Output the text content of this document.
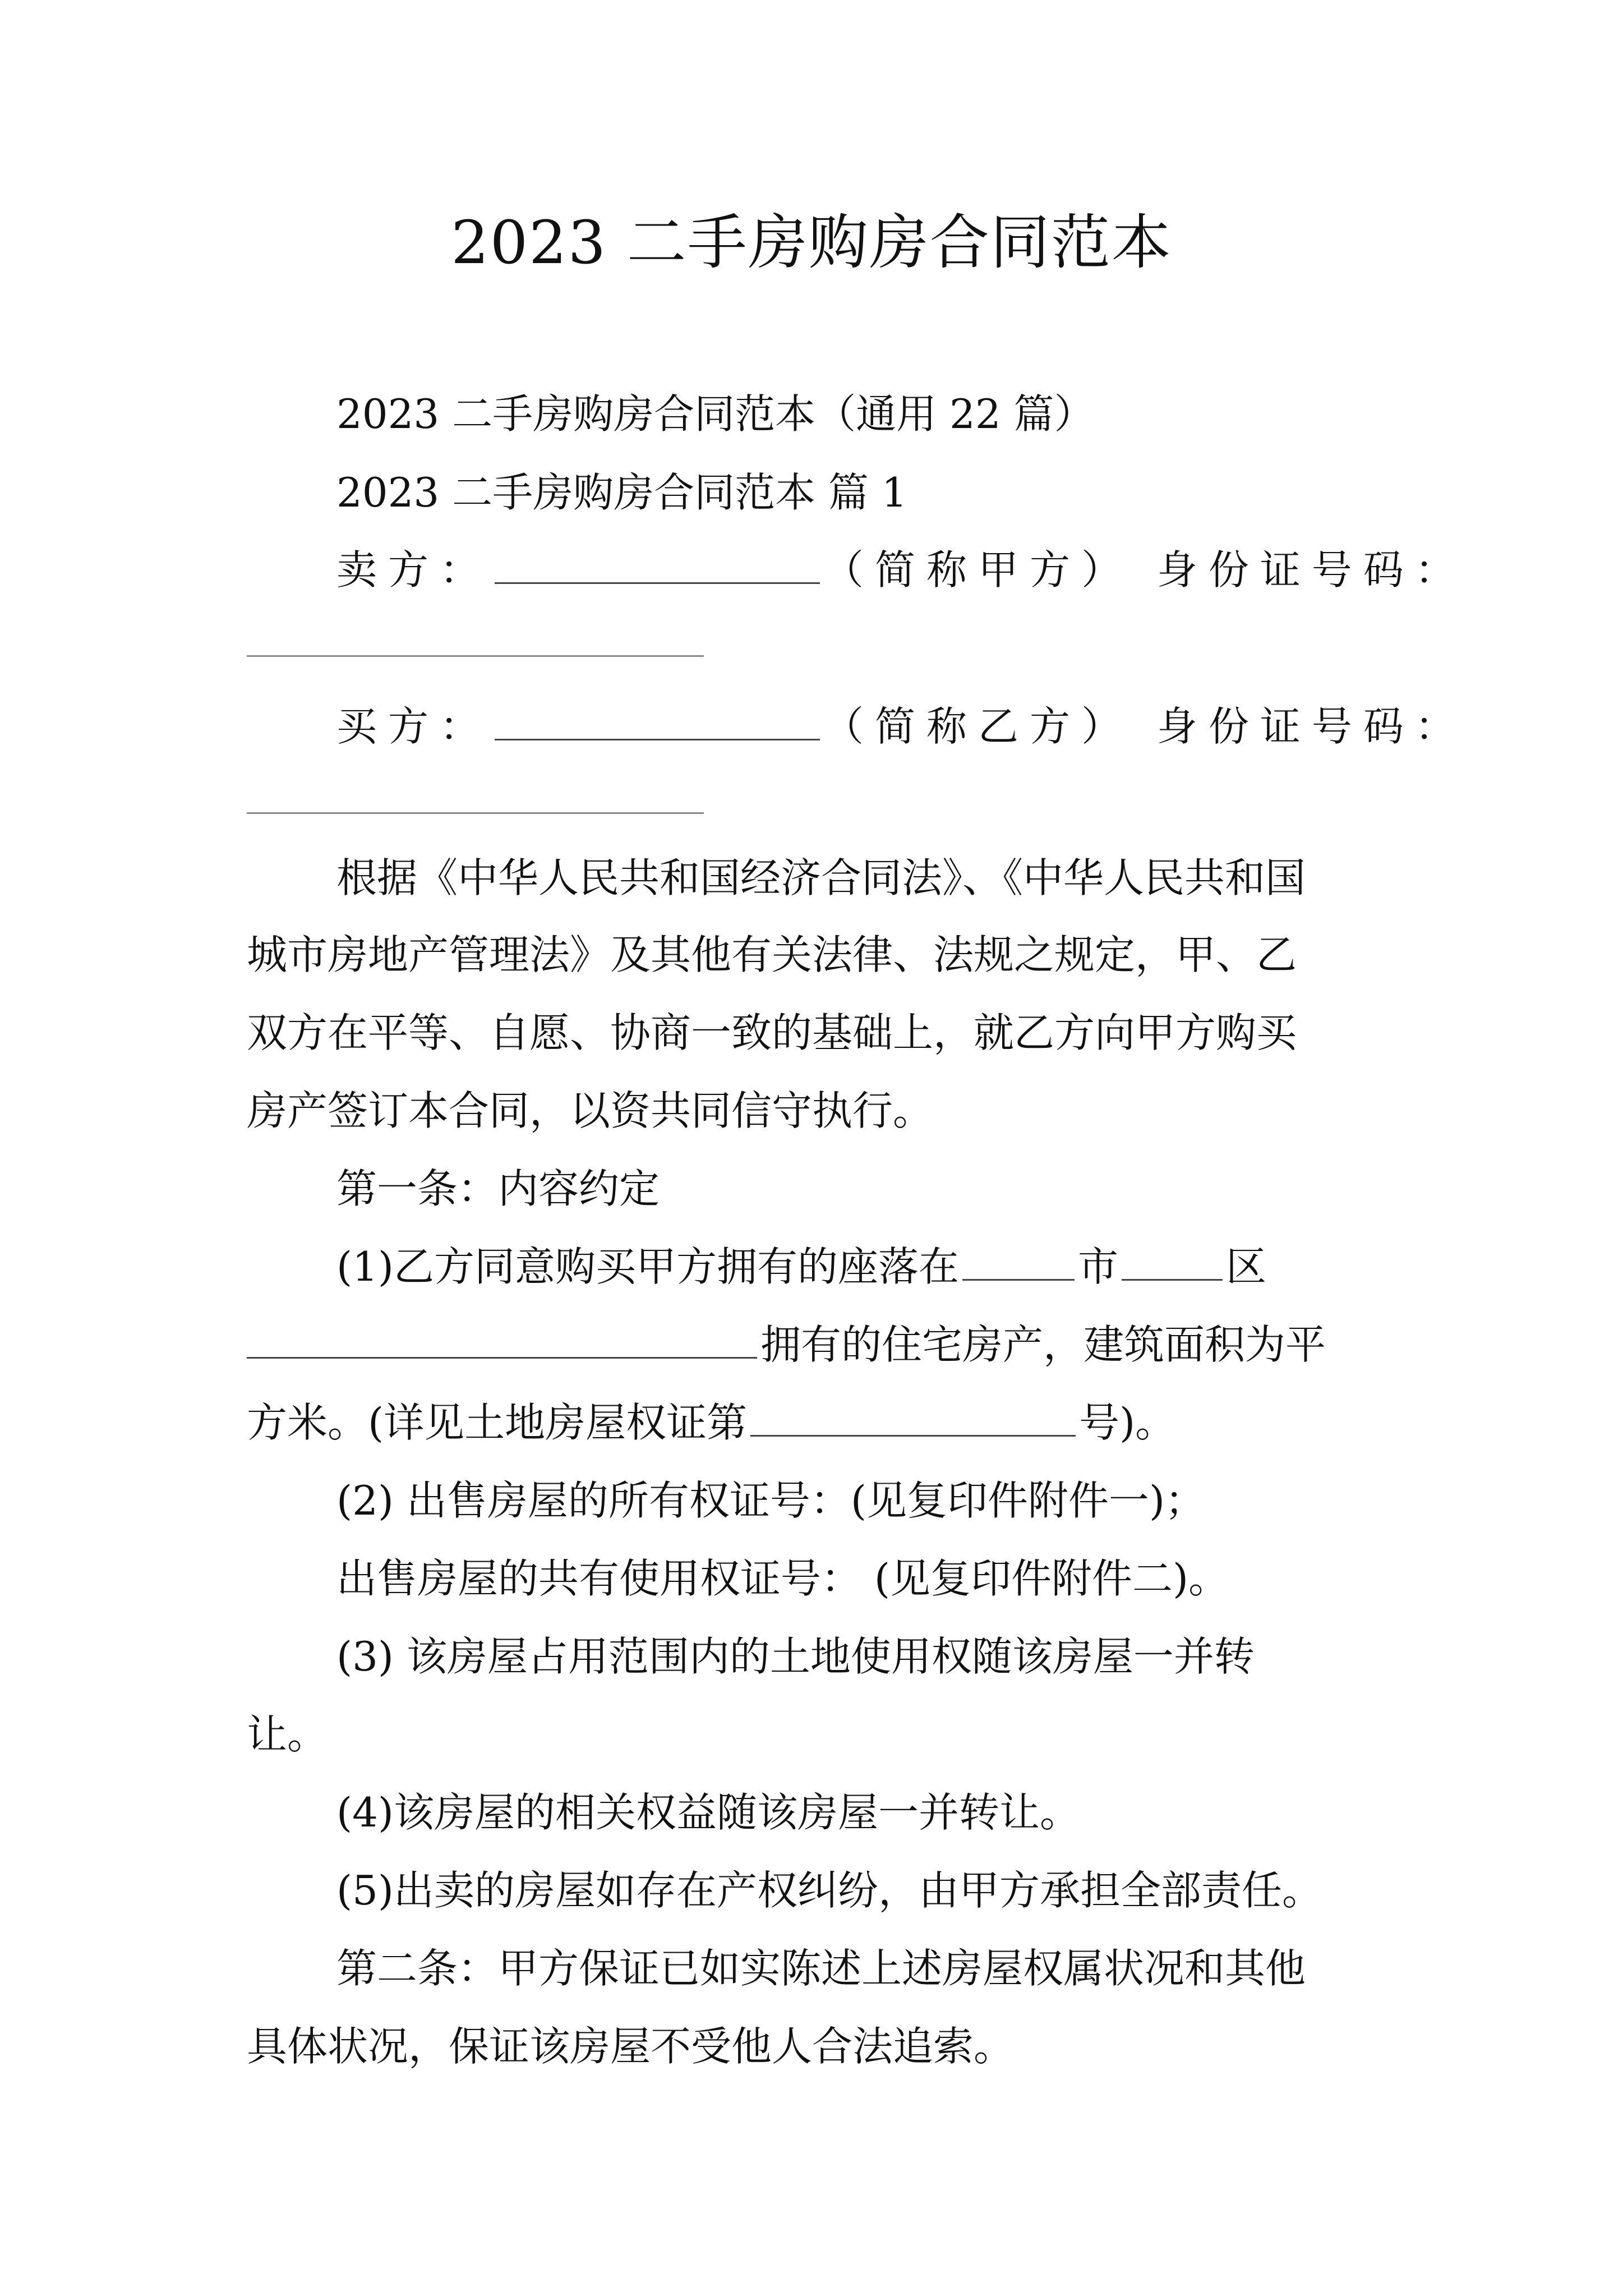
2023 二手房购房合同范本
2023 二手房购房合同范本（通用 22 篇）
2023 二手房购房合同范本 篇 1
卖方：	（简称甲方） 身份证号码：
买方：	（简称乙方） 身份证号码：
根据《中华人民共和国经济合同法》、《中华人民共和国
城市房地产管理法》及其他有关法律、法规之规定，甲、乙
双方在平等、自愿、协商一致的基础上，就乙方向甲方购买
房产签订本合同，以资共同信守执行。
第一条：内容约定
(1)乙方同意购买甲方拥有的座落在	市	区
拥有的住宅房产，建筑面积为平
方米。(详见土地房屋权证第	号)。
(2) 出售房屋的所有权证号：(见复印件附件一)；
出售房屋的共有使用权证号： (见复印件附件二)。
(3) 该房屋占用范围内的土地使用权随该房屋一并转
让。
(4)该房屋的相关权益随该房屋一并转让。
(5)出卖的房屋如存在产权纠纷，由甲方承担全部责任。
第二条：甲方保证已如实陈述上述房屋权属状况和其他
具体状况，保证该房屋不受他人合法追索。
